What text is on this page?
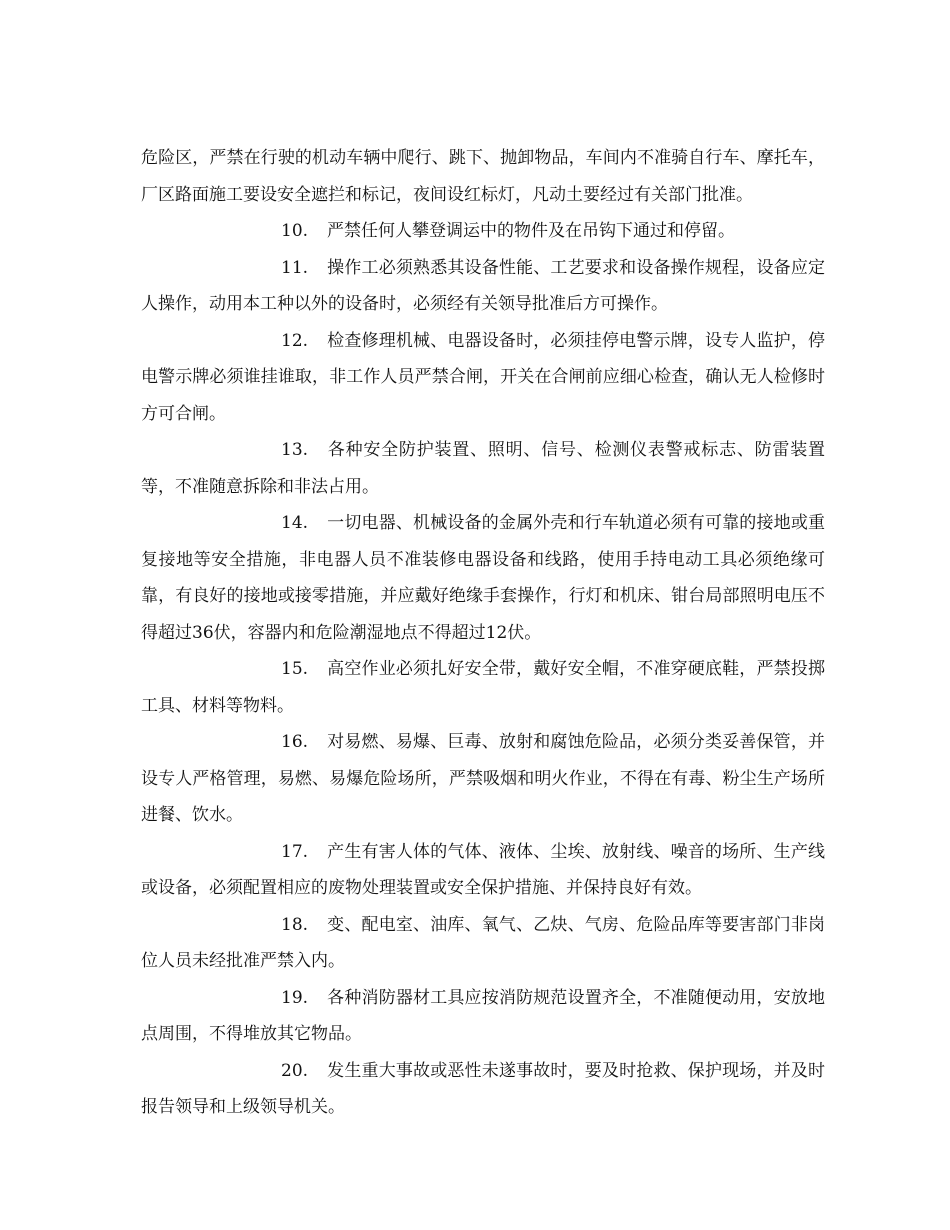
危险区，严禁在行驶的机动车辆中爬行、跳下、抛卸物品，车间内不准骑自行车、摩托车，厂区路面施工要设安全遮拦和标记，夜间设红标灯，凡动土要经过有关部门批准。

10. 严禁任何人攀登调运中的物件及在吊钩下通过和停留。

11. 操作工必须熟悉其设备性能、工艺要求和设备操作规程，设备应定人操作，动用本工种以外的设备时，必须经有关领导批准后方可操作。

12. 检查修理机械、电器设备时，必须挂停电警示牌，设专人监护，停电警示牌必须谁挂谁取，非工作人员严禁合闸，开关在合闸前应细心检查，确认无人检修时方可合闸。

13. 各种安全防护装置、照明、信号、检测仪表警戒标志、防雷装置等，不准随意拆除和非法占用。

14. 一切电器、机械设备的金属外壳和行车轨道必须有可靠的接地或重复接地等安全措施，非电器人员不准装修电器设备和线路，使用手持电动工具必须绝缘可靠，有良好的接地或接零措施，并应戴好绝缘手套操作，行灯和机床、钳台局部照明电压不得超过36伏，容器内和危险潮湿地点不得超过12伏。

15. 高空作业必须扎好安全带，戴好安全帽，不准穿硬底鞋，严禁投掷工具、材料等物料。

16. 对易燃、易爆、巨毒、放射和腐蚀危险品，必须分类妥善保管，并设专人严格管理，易燃、易爆危险场所，严禁吸烟和明火作业，不得在有毒、粉尘生产场所进餐、饮水。

17. 产生有害人体的气体、液体、尘埃、放射线、噪音的场所、生产线或设备，必须配置相应的废物处理装置或安全保护措施、并保持良好有效。

18. 变、配电室、油库、氧气、乙炔、气房、危险品库等要害部门非岗位人员未经批准严禁入内。

19. 各种消防器材工具应按消防规范设置齐全，不准随便动用，安放地点周围，不得堆放其它物品。

20. 发生重大事故或恶性未遂事故时，要及时抢救、保护现场，并及时报告领导和上级领导机关。
